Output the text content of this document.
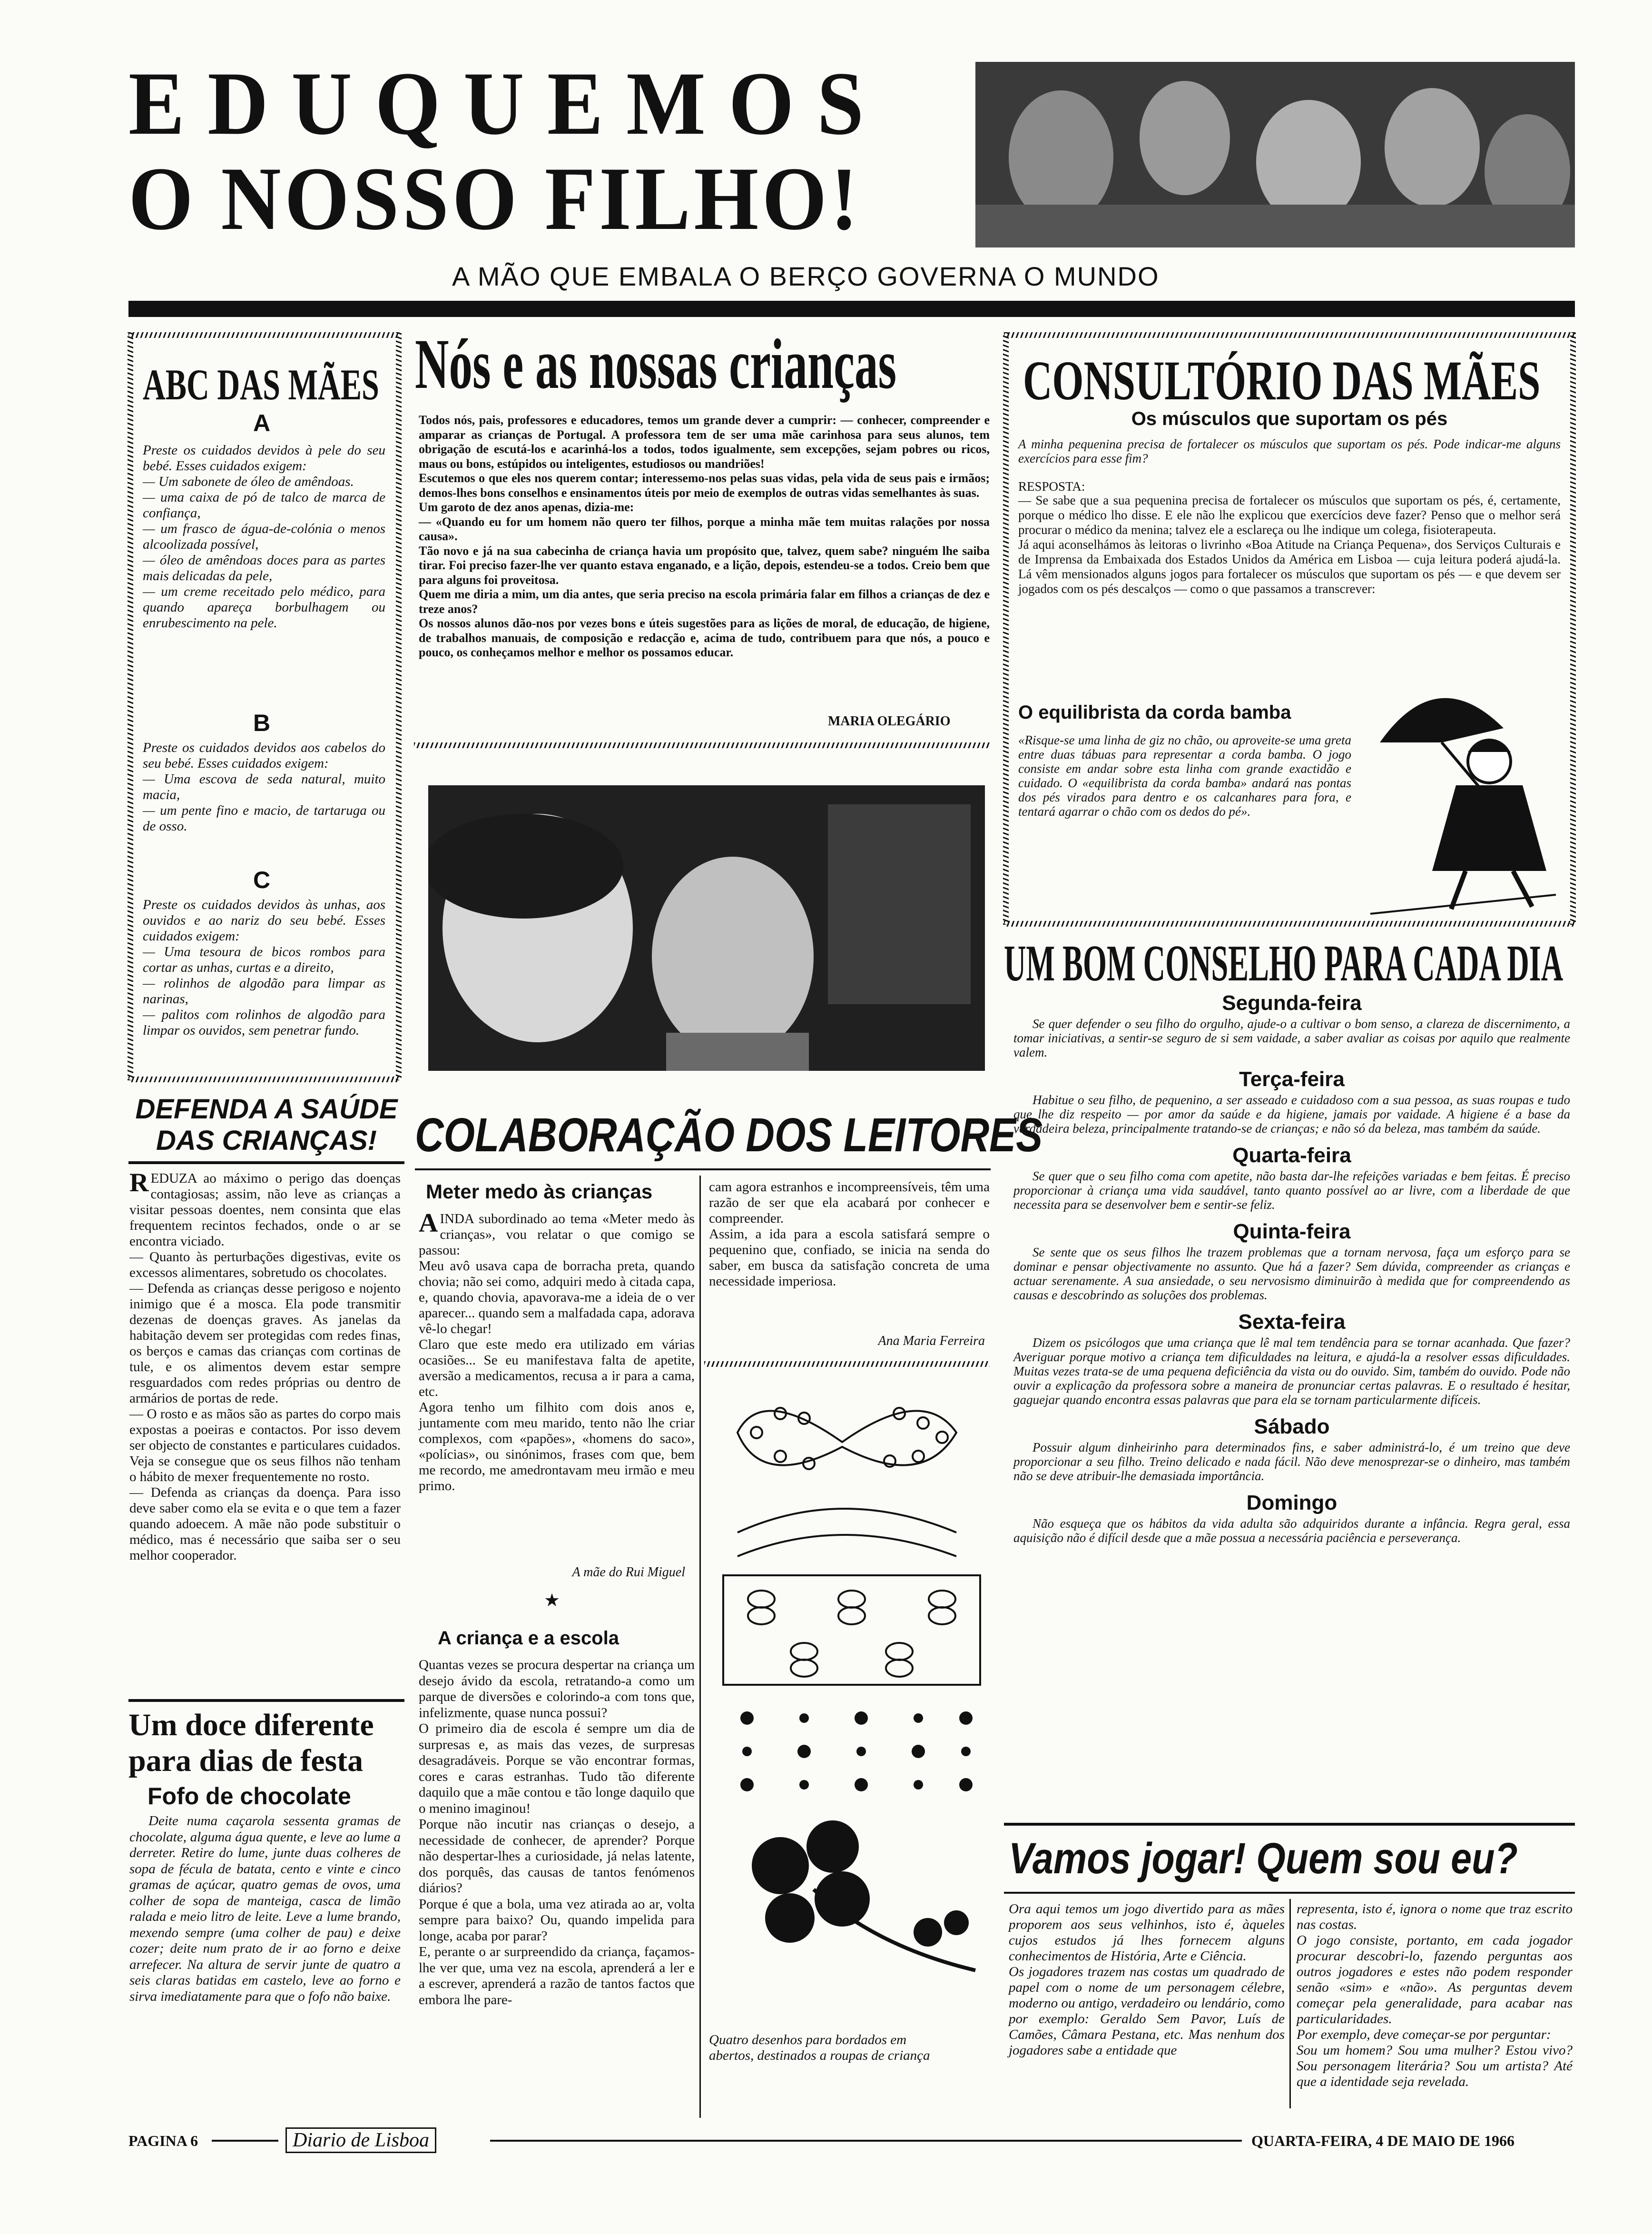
EDUQUEMOS
O NOSSO FILHO!
A MÃO QUE EMBALA O BERÇO GOVERNA O MUNDO
ABC DAS MÃES
A
Preste os cuidados devidos à pele do seu bebé. Esses cuidados exigem:
— Um sabonete de óleo de amêndoas.
— uma caixa de pó de talco de marca de confiança,
— um frasco de água-de-colónia o menos alcoolizada possível,
— óleo de amêndoas doces para as partes mais delicadas da pele,
— um creme receitado pelo médico, para quando apareça borbulhagem ou enrubescimento na pele.
B
Preste os cuidados devidos aos cabelos do seu bebé. Esses cuidados exigem:
— Uma escova de seda natural, muito macia,
— um pente fino e macio, de tartaruga ou de osso.
C
Preste os cuidados devidos às unhas, aos ouvidos e ao nariz do seu bebé. Esses cuidados exigem:
— Uma tesoura de bicos rombos para cortar as unhas, curtas e a direito,
— rolinhos de algodão para limpar as narinas,
— palitos com rolinhos de algodão para limpar os ouvidos, sem penetrar fundo.
Nós e as nossas crianças
Todos nós, pais, professores e educadores, temos um grande dever a cumprir: — conhecer, compreender e amparar as crianças de Portugal. A professora tem de ser uma mãe carinhosa para seus alunos, tem obrigação de escutá-los e acarinhá-los a todos, todos igualmente, sem excepções, sejam pobres ou ricos, maus ou bons, estúpidos ou inteligentes, estudiosos ou mandriões!
Escutemos o que eles nos querem contar; interessemo-nos pelas suas vidas, pela vida de seus pais e irmãos; demos-lhes bons conselhos e ensinamentos úteis por meio de exemplos de outras vidas semelhantes às suas.
Um garoto de dez anos apenas, dizia-me:
— «Quando eu for um homem não quero ter filhos, porque a minha mãe tem muitas ralações por nossa causa».
Tão novo e já na sua cabecinha de criança havia um propósito que, talvez, quem sabe? ninguém lhe saiba tirar. Foi preciso fazer-lhe ver quanto estava enganado, e a lição, depois, estendeu-se a todos. Creio bem que para alguns foi proveitosa.
Quem me diria a mim, um dia antes, que seria preciso na escola primária falar em filhos a crianças de dez e treze anos?
Os nossos alunos dão-nos por vezes bons e úteis sugestões para as lições de moral, de educação, de higiene, de trabalhos manuais, de composição e redacção e, acima de tudo, contribuem para que nós, a pouco e pouco, os conheçamos melhor e melhor os possamos educar.
MARIA OLEGÁRIO
CONSULTÓRIO DAS MÃES
Os músculos que suportam os pés
A minha pequenina precisa de fortalecer os músculos que suportam os pés. Pode indicar-me alguns exercícios para esse fim?
RESPOSTA:
— Se sabe que a sua pequenina precisa de fortalecer os músculos que suportam os pés, é, certamente, porque o médico lho disse. E ele não lhe explicou que exercícios deve fazer? Penso que o melhor será procurar o médico da menina; talvez ele a esclareça ou lhe indique um colega, fisioterapeuta.
Já aqui aconselhámos às leitoras o livrinho «Boa Atitude na Criança Pequena», dos Serviços Culturais e de Imprensa da Embaixada dos Estados Unidos da América em Lisboa — cuja leitura poderá ajudá-la. Lá vêm mensionados alguns jogos para fortalecer os músculos que suportam os pés — e que devem ser jogados com os pés descalços — como o que passamos a transcrever:
O equilibrista da corda bamba
«Risque-se uma linha de giz no chão, ou aproveite-se uma greta entre duas tábuas para representar a corda bamba. O jogo consiste em andar sobre esta linha com grande exactidão e cuidado. O «equilibrista da corda bamba» andará nas pontas dos pés virados para dentro e os calcanhares para fora, e tentará agarrar o chão com os dedos do pé».
UM BOM CONSELHO PARA CADA DIA
Segunda-feira
Se quer defender o seu filho do orgulho, ajude-o a cultivar o bom senso, a clareza de discernimento, a tomar iniciativas, a sentir-se seguro de si sem vaidade, a saber avaliar as coisas por aquilo que realmente valem.
Terça-feira
Habitue o seu filho, de pequenino, a ser asseado e cuidadoso com a sua pessoa, as suas roupas e tudo que lhe diz respeito — por amor da saúde e da higiene, jamais por vaidade. A higiene é a base da verdadeira beleza, principalmente tratando-se de crianças; e não só da beleza, mas também da saúde.
Quarta-feira
Se quer que o seu filho coma com apetite, não basta dar-lhe refeições variadas e bem feitas. É preciso proporcionar à criança uma vida saudável, tanto quanto possível ao ar livre, com a liberdade de que necessita para se desenvolver bem e sentir-se feliz.
Quinta-feira
Se sente que os seus filhos lhe trazem problemas que a tornam nervosa, faça um esforço para se dominar e pensar objectivamente no assunto. Que há a fazer? Sem dúvida, compreender as crianças e actuar serenamente. A sua ansiedade, o seu nervosismo diminuirão à medida que for compreendendo as causas e descobrindo as soluções dos problemas.
Sexta-feira
Dizem os psicólogos que uma criança que lê mal tem tendência para se tornar acanhada. Que fazer? Averiguar porque motivo a criança tem dificuldades na leitura, e ajudá-la a resolver essas dificuldades. Muitas vezes trata-se de uma pequena deficiência da vista ou do ouvido. Sim, também do ouvido. Pode não ouvir a explicação da professora sobre a maneira de pronunciar certas palavras. E o resultado é hesitar, gaguejar quando encontra essas palavras que para ela se tornam particularmente difíceis.
Sábado
Possuir algum dinheirinho para determinados fins, e saber administrá-lo, é um treino que deve proporcionar a seu filho. Treino delicado e nada fácil. Não deve menosprezar-se o dinheiro, mas também não se deve atribuir-lhe demasiada importância.
Domingo
Não esqueça que os hábitos da vida adulta são adquiridos durante a infância. Regra geral, essa aquisição não é difícil desde que a mãe possua a necessária paciência e perseverança.
DEFENDA A SAÚDE
DAS CRIANÇAS!
R EDUZA ao máximo o perigo das doenças contagiosas; assim, não leve as crianças a visitar pessoas doentes, nem consinta que elas frequentem recintos fechados, onde o ar se encontra viciado.
— Quanto às perturbações digestivas, evite os excessos alimentares, sobretudo os chocolates.
— Defenda as crianças desse perigoso e nojento inimigo que é a mosca. Ela pode transmitir dezenas de doenças graves. As janelas da habitação devem ser protegidas com redes finas, os berços e camas das crianças com cortinas de tule, e os alimentos devem estar sempre resguardados com redes próprias ou dentro de armários de portas de rede.
— O rosto e as mãos são as partes do corpo mais expostas a poeiras e contactos. Por isso devem ser objecto de constantes e particulares cuidados. Veja se consegue que os seus filhos não tenham o hábito de mexer frequentemente no rosto.
— Defenda as crianças da doença. Para isso deve saber como ela se evita e o que tem a fazer quando adoecem. A mãe não pode substituir o médico, mas é necessário que saiba ser o seu melhor cooperador.
Um doce diferente
para dias de festa
Fofo de chocolate
Deite numa caçarola sessenta gramas de chocolate, alguma água quente, e leve ao lume a derreter. Retire do lume, junte duas colheres de sopa de fécula de batata, cento e vinte e cinco gramas de açúcar, quatro gemas de ovos, uma colher de sopa de manteiga, casca de limão ralada e meio litro de leite. Leve a lume brando, mexendo sempre (uma colher de pau) e deixe cozer; deite num prato de ir ao forno e deixe arrefecer. Na altura de servir junte de quatro a seis claras batidas em castelo, leve ao forno e sirva imediatamente para que o fofo não baixe.
COLABORAÇÃO DOS LEITORES
Meter medo às crianças
A INDA subordinado ao tema «Meter medo às crianças», vou relatar o que comigo se passou:
Meu avô usava capa de borracha preta, quando chovia; não sei como, adquiri medo à citada capa, e, quando chovia, apavorava-me a ideia de o ver aparecer... quando sem a malfadada capa, adorava vê-lo chegar!
Claro que este medo era utilizado em várias ocasiões... Se eu manifestava falta de apetite, aversão a medicamentos, recusa a ir para a cama, etc.
Agora tenho um filhito com dois anos e, juntamente com meu marido, tento não lhe criar complexos, com «papões», «homens do saco», «polícias», ou sinónimos, frases com que, bem me recordo, me amedrontavam meu irmão e meu primo.
A mãe do Rui Miguel
★
A criança e a escola
Quantas vezes se procura despertar na criança um desejo ávido da escola, retratando-a como um parque de diversões e colorindo-a com tons que, infelizmente, quase nunca possui?
O primeiro dia de escola é sempre um dia de surpresas e, as mais das vezes, de surpresas desagradáveis. Porque se vão encontrar formas, cores e caras estranhas. Tudo tão diferente daquilo que a mãe contou e tão longe daquilo que o menino imaginou!
Porque não incutir nas crianças o desejo, a necessidade de conhecer, de aprender? Porque não despertar-lhes a curiosidade, já nelas latente, dos porquês, das causas de tantos fenómenos diários?
Porque é que a bola, uma vez atirada ao ar, volta sempre para baixo? Ou, quando impelida para longe, acaba por parar?
E, perante o ar surpreendido da criança, façamos-lhe ver que, uma vez na escola, aprenderá a ler e a escrever, aprenderá a razão de tantos factos que embora lhe pare-
cam agora estranhos e incompreensíveis, têm uma razão de ser que ela acabará por conhecer e compreender.
Assim, a ida para a escola satisfará sempre o pequenino que, confiado, se inicia na senda do saber, em busca da satisfação concreta de uma necessidade imperiosa.
Ana Maria Ferreira
Quatro desenhos para bordados em abertos, destinados a roupas de criança
Vamos jogar! Quem sou eu?
Ora aqui temos um jogo divertido para as mães proporem aos seus velhinhos, isto é, àqueles cujos estudos já lhes fornecem alguns conhecimentos de História, Arte e Ciência.
Os jogadores trazem nas costas um quadrado de papel com o nome de um personagem célebre, moderno ou antigo, verdadeiro ou lendário, como por exemplo: Geraldo Sem Pavor, Luís de Camões, Câmara Pestana, etc. Mas nenhum dos jogadores sabe a entidade que
representa, isto é, ignora o nome que traz escrito nas costas.
O jogo consiste, portanto, em cada jogador procurar descobri-lo, fazendo perguntas aos outros jogadores e estes não podem responder senão «sim» e «não». As perguntas devem começar pela generalidade, para acabar nas particularidades.
Por exemplo, deve começar-se por perguntar:
Sou um homem? Sou uma mulher? Estou vivo? Sou personagem literária? Sou um artista? Até que a identidade seja revelada.
PAGINA 6	Diario de Lisboa	QUARTA-FEIRA, 4 DE MAIO DE 1966
